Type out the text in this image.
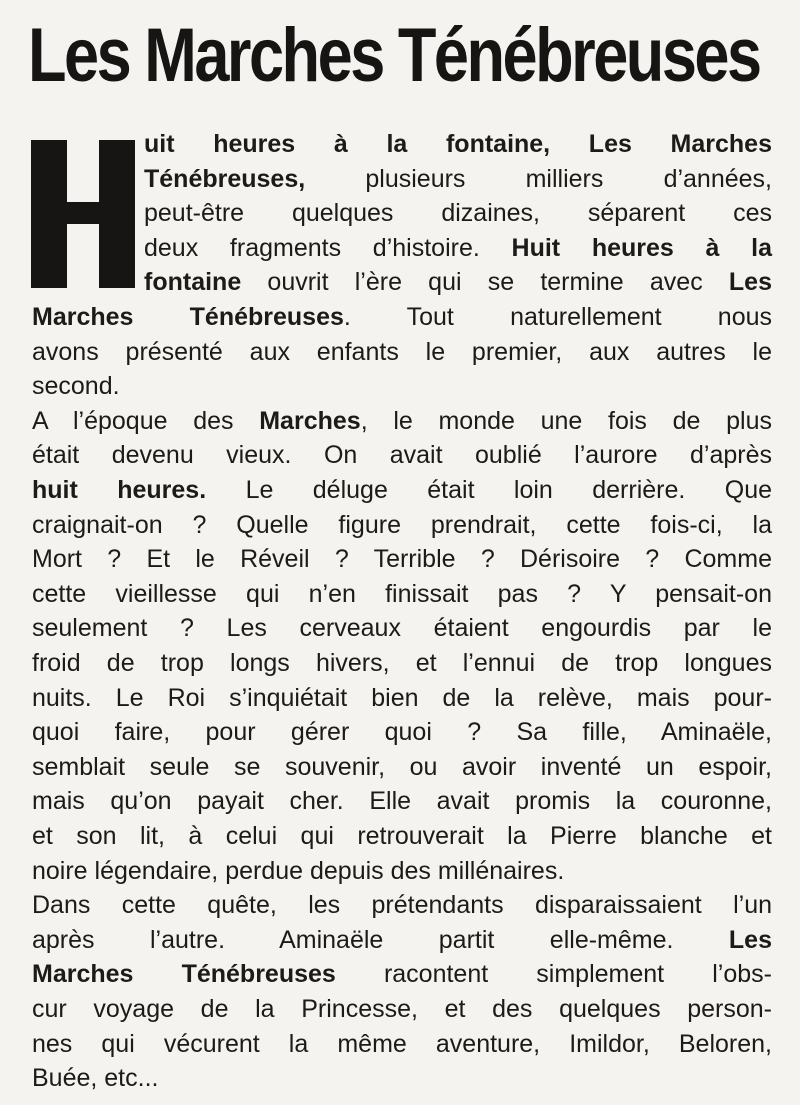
Les Marches Ténébreuses
uit heures à la fontaine, Les Marches
Ténébreuses, plusieurs milliers d’années,
peut-être quelques dizaines, séparent ces
deux fragments d’histoire. Huit heures à la
fontaine ouvrit l’ère qui se termine avec Les
Marches Ténébreuses. Tout naturellement nous
avons présenté aux enfants le premier, aux autres le
second.
A l’époque des Marches, le monde une fois de plus
était devenu vieux. On avait oublié l’aurore d’après
huit heures. Le déluge était loin derrière. Que
craignait-on ? Quelle figure prendrait, cette fois-ci, la
Mort ? Et le Réveil ? Terrible ? Dérisoire ? Comme
cette vieillesse qui n’en finissait pas ? Y pensait-on
seulement ? Les cerveaux étaient engourdis par le
froid de trop longs hivers, et l’ennui de trop longues
nuits. Le Roi s’inquiétait bien de la relève, mais pour-
quoi faire, pour gérer quoi ? Sa fille, Aminaële,
semblait seule se souvenir, ou avoir inventé un espoir,
mais qu’on payait cher. Elle avait promis la couronne,
et son lit, à celui qui retrouverait la Pierre blanche et
noire légendaire, perdue depuis des millénaires.
Dans cette quête, les prétendants disparaissaient l’un
après l’autre. Aminaële partit elle-même. Les
Marches Ténébreuses racontent simplement l’obs-
cur voyage de la Princesse, et des quelques person-
nes qui vécurent la même aventure, Imildor, Beloren,
Buée, etc...
